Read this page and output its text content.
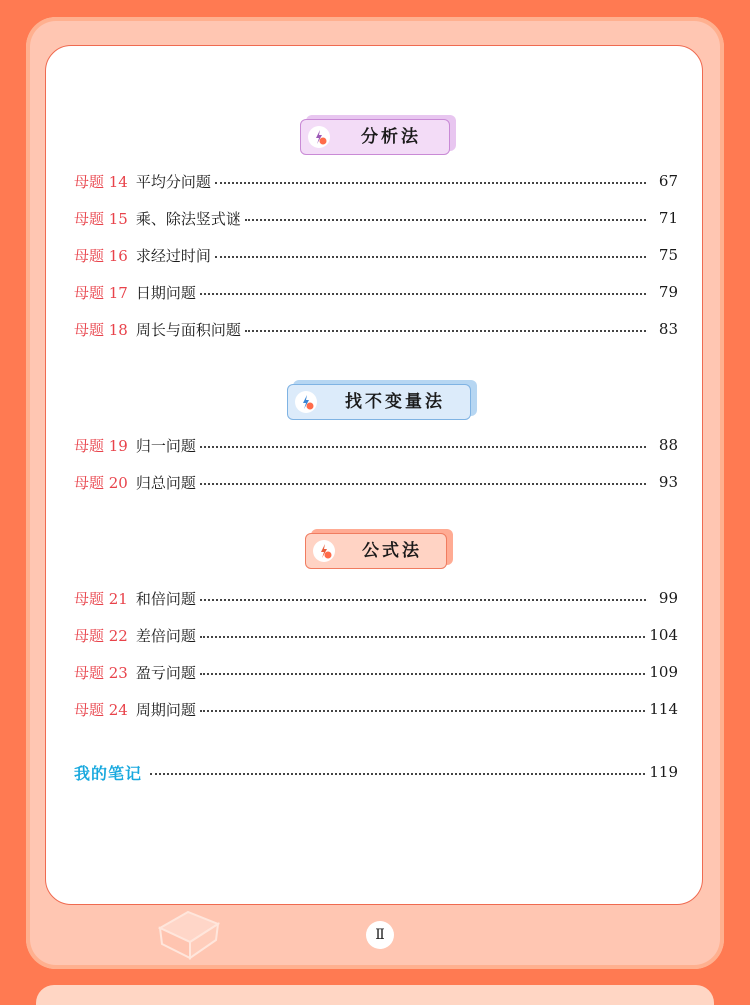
分析法
找不变量法
公式法
母题 14 平均分问题	67
母题 15 乘、除法竖式谜	71
母题 16 求经过时间	75
母题 17 日期问题	79
母题 18 周长与面积问题	83
母题 19 归一问题	88
母题 20 归总问题	93
母题 21 和倍问题	99
母题 22 差倍问题	104
母题 23 盈亏问题	109
母题 24 周期问题	114
我的笔记	119
Ⅱ
